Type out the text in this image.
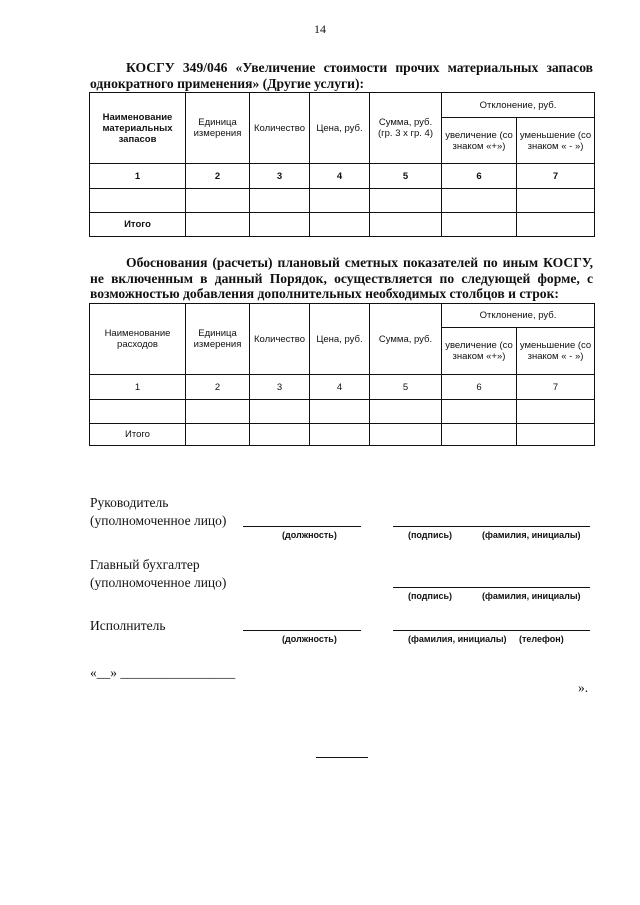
14
КОСГУ 349/046 «Увеличение стоимости прочих материальных запасов однократного применения» (Другие услуги):
Наименование материальных запасов	Единица измерения	Количество	Цена, руб.	Сумма, руб. (гр. 3 х гр. 4)	Отклонение, руб.	
					увеличение (со знаком «+»)	уменьшение (со знаком « - »)
1	2	3	4	5	6	7

Итого						
Обоснования (расчеты) плановый сметных показателей по иным КОСГУ, не включенным в данный Порядок, осуществляется по следующей форме, с возможностью добавления дополнительных необходимых столбцов и строк:
Наименование расходов	Единица измерения	Количество	Цена, руб.	Сумма, руб.	Отклонение, руб.	
					увеличение (со знаком «+»)	уменьшение (со знаком « - »)
1	2	3	4	5	6	7

Итого						
Руководитель
(уполномоченное лицо)
(должность)	(подпись)	(фамилия, инициалы)
Главный бухгалтер
(уполномоченное лицо)
(подпись)	(фамилия, инициалы)
Исполнитель
(должность)	(фамилия, инициалы) (телефон)
«__» _________________
».
